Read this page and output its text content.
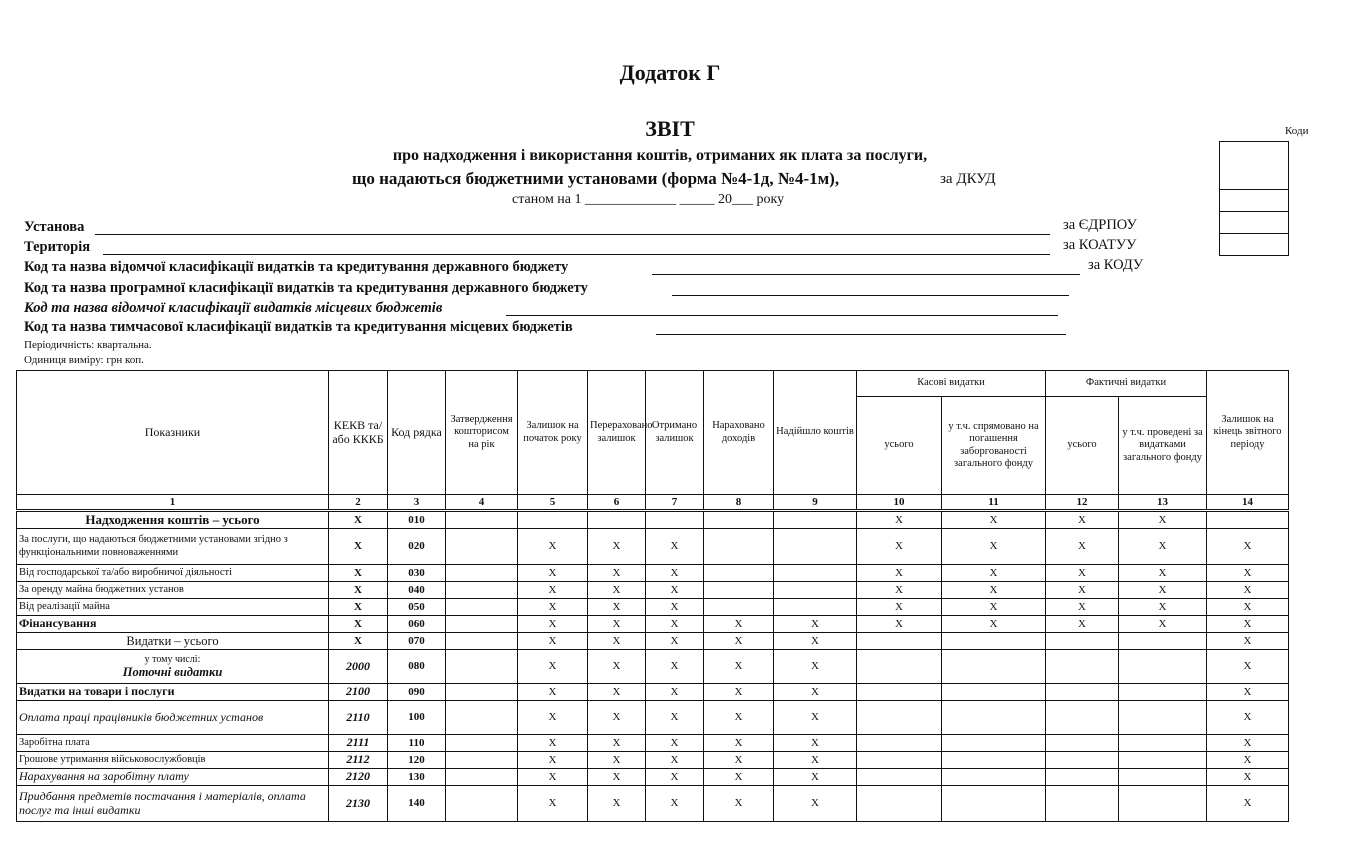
Додаток Г
ЗВІТ
про надходження і використання коштів, отриманих як плата за послуги,
що надаються бюджетними установами (форма №4-1д, №4-1м),	за ДКУД
станом на 1 _____________ _____ 20___ року
Коди
Установа	за ЄДРПОУ
Територія	за КОАТУУ
Код та назва відомчої класифікації видатків та кредитування державного бюджету	за КОДУ
Код та назва програмної класифікації видатків та кредитування державного бюджету
Код та назва відомчої класифікації видатків місцевих бюджетів
Код та назва тимчасової класифікації видатків та кредитування місцевих бюджетів
Періодичність: квартальна.
Одиниця виміру: грн коп.
Показники	КЕКВ та/або КККБ	Код рядка	Затвердження кошторисом на рік	Залишок на початок року	Перераховано залишок	Отримано залишок	Нараховано доходів	Надійшло коштів	Касові видатки		Фактичні видатки		Залишок на кінець звітного періоду
									усього	у т.ч. спрямовано на погашення заборгованості загального фонду	усього	у т.ч. проведені за видатками загального фонду	
1	2	3	4	5	6	7	8	9	10	11	12	13	14
Надходження коштів – усього	X	010							X	X	X	X	
За послуги, що надаються бюджетними установами згідно з функціональними повноваженнями	X	020		X	X	X			X	X	X	X	X
Від господарської та/або виробничої діяльності	X	030		X	X	X			X	X	X	X	X
За оренду майна бюджетних установ	X	040		X	X	X			X	X	X	X	X
Від реалізації майна	X	050		X	X	X			X	X	X	X	X
Фінансування	X	060		X	X	X	X	X	X	X	X	X	X
Видатки – усього	X	070		X	X	X	X	X					X

у тому числі:
Поточні видатки	2000	080		X	X	X	X	X					X
Видатки на товари і послуги	2100	090		X	X	X	X	X					X
Оплата праці працівників бюджетних установ	2110	100		X	X	X	X	X					X
Заробітна плата	2111	110		X	X	X	X	X					X
Грошове утримання військовослужбовців	2112	120		X	X	X	X	X					X
Нарахування на заробітну плату	2120	130		X	X	X	X	X					X
Придбання предметів постачання і матеріалів, оплата послуг та інші видатки	2130	140		X	X	X	X	X					X
